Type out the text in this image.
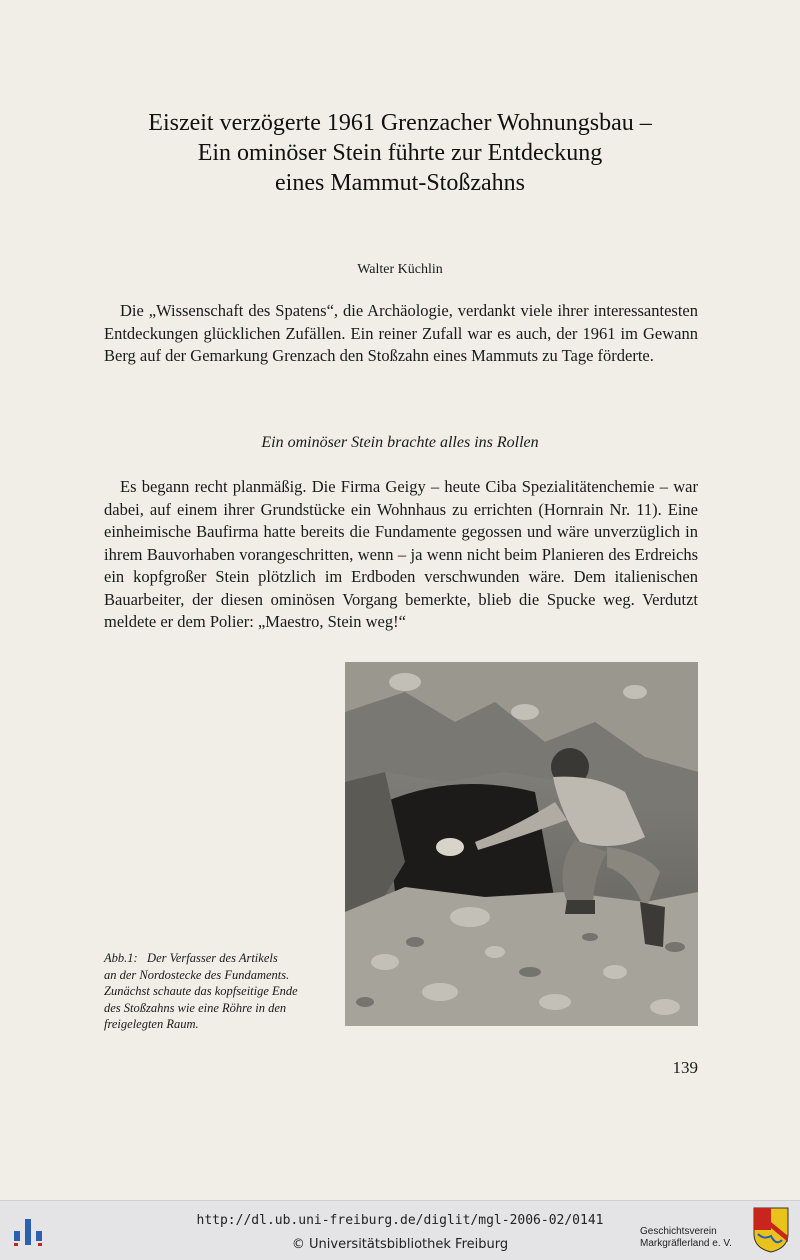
Eiszeit verzögerte 1961 Grenzacher Wohnungsbau –
Ein ominöser Stein führte zur Entdeckung
eines Mammut-Stoßzahns
Walter Küchlin

Die „Wissenschaft des Spatens“, die Archäologie, verdankt viele ihrer interessantesten Entdeckungen glücklichen Zufällen. Ein reiner Zufall war es auch, der 1961 im Gewann Berg auf der Gemarkung Grenzach den Stoßzahn eines Mammuts zu Tage förderte.

Ein ominöser Stein brachte alles ins Rollen

Es begann recht planmäßig. Die Firma Geigy – heute Ciba Spezialitätenchemie – war dabei, auf einem ihrer Grundstücke ein Wohnhaus zu errichten (Hornrain Nr. 11). Eine einheimische Baufirma hatte bereits die Fundamente gegossen und wäre unverzüglich in ihrem Bauvorhaben vorangeschritten, wenn – ja wenn nicht beim Planieren des Erdreichs ein kopfgroßer Stein plötzlich im Erdboden verschwunden wäre. Dem italienischen Bauarbeiter, der diesen ominösen Vorgang bemerkte, blieb die Spucke weg. Verdutzt meldete er dem Polier: „Maestro, Stein weg!“

Abb.1:   Der Verfasser des Artikels
an der Nordostecke des Fundaments.
Zunächst schaute das kopfseitige Ende
des Stoßzahns wie eine Röhre in den
freigelegten Raum.
139
http://dl.ub.uni-freiburg.de/diglit/mgl-2006-02/0141
© Universitätsbibliothek Freiburg
Geschichtsverein
Markgräflerland e. V.
